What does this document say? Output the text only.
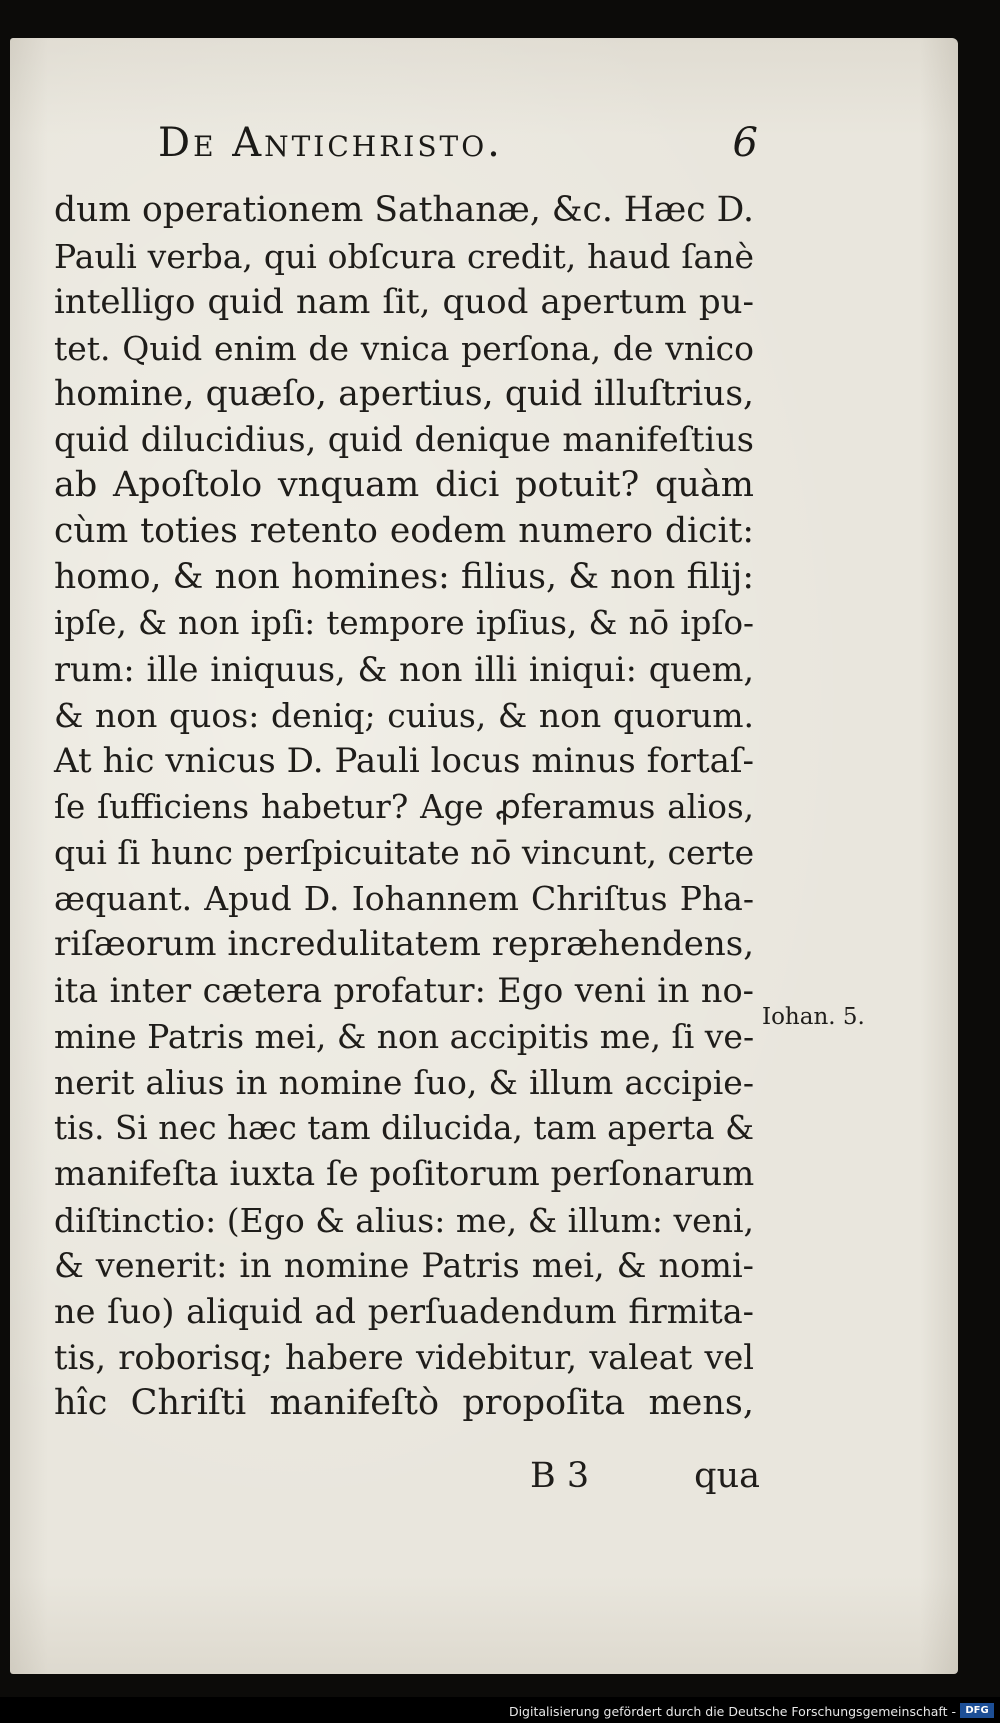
De Antichristo.	6
dum operationem Sathanæ, &c. Hæc D.
Pauli verba, qui obſcura credit, haud ſanè
intelligo quid nam ſit, quod apertum pu-
tet. Quid enim de vnica perſona, de vnico
homine, quæſo, apertius, quid illuſtrius,
quid dilucidius, quid denique manifeſtius
ab Apoſtolo vnquam dici potuit? quàm
cùm toties retento eodem numero dicit:
homo, & non homines: filius, & non filij:
ipſe, & non ipſi: tempore ipſius, & nō ipſo-
rum: ille iniquus, & non illi iniqui: quem,
& non quos: deniq; cuius, & non quorum.
At hic vnicus D. Pauli locus minus fortaſ-
ſe ſufficiens habetur? Age ꝓferamus alios,
qui ſi hunc perſpicuitate nō vincunt, certe
æquant. Apud D. Iohannem Chriſtus Pha-
riſæorum incredulitatem repræhendens,
ita inter cætera profatur: Ego veni in no-
mine Patris mei, & non accipitis me, ſi ve-
nerit alius in nomine ſuo, & illum accipie-
tis. Si nec hæc tam dilucida, tam aperta &
manifeſta iuxta ſe poſitorum perſonarum
diſtinctio: (Ego & alius: me, & illum: veni,
& venerit: in nomine Patris mei, & nomi-
ne ſuo) aliquid ad perſuadendum firmita-
tis, roborisq; habere videbitur, valeat vel
hîc Chriſti manifeſtò propoſita mens,
Iohan. 5.
B 3	qua
Digitalisierung gefördert durch die Deutsche Forschungsgemeinschaft - DFG
